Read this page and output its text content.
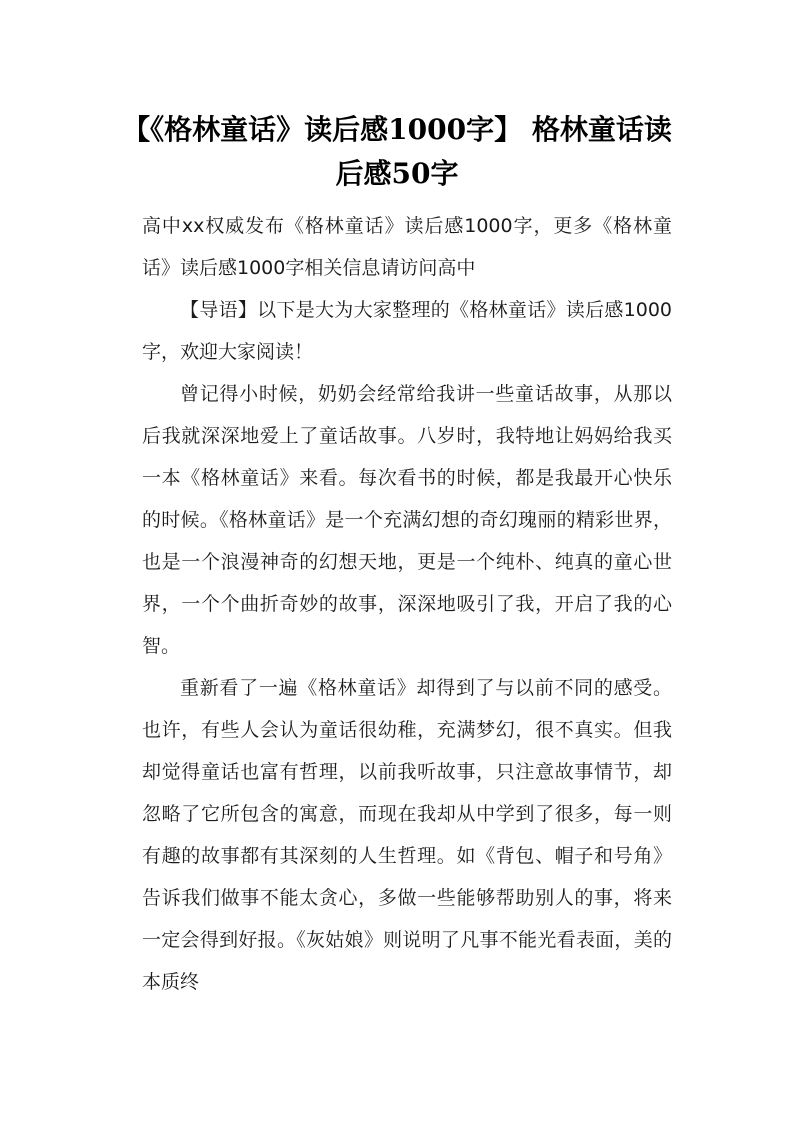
【《格林童话》读后感1000字】 格林童话读后感50字

高中xx权威发布《格林童话》读后感1000字，更多《格林童话》读后感1000字相关信息请访问高中

【导语】以下是大为大家整理的《格林童话》读后感1000字，欢迎大家阅读！

曾记得小时候，奶奶会经常给我讲一些童话故事，从那以后我就深深地爱上了童话故事。八岁时，我特地让妈妈给我买一本《格林童话》来看。每次看书的时候，都是我最开心快乐的时候。《格林童话》是一个充满幻想的奇幻瑰丽的精彩世界，也是一个浪漫神奇的幻想天地，更是一个纯朴、纯真的童心世界，一个个曲折奇妙的故事，深深地吸引了我，开启了我的心智。

重新看了一遍《格林童话》却得到了与以前不同的感受。也许，有些人会认为童话很幼稚，充满梦幻，很不真实。但我却觉得童话也富有哲理，以前我听故事，只注意故事情节，却忽略了它所包含的寓意，而现在我却从中学到了很多，每一则有趣的故事都有其深刻的人生哲理。如《背包、帽子和号角》告诉我们做事不能太贪心，多做一些能够帮助别人的事，将来一定会得到好报。《灰姑娘》则说明了凡事不能光看表面，美的本质终
